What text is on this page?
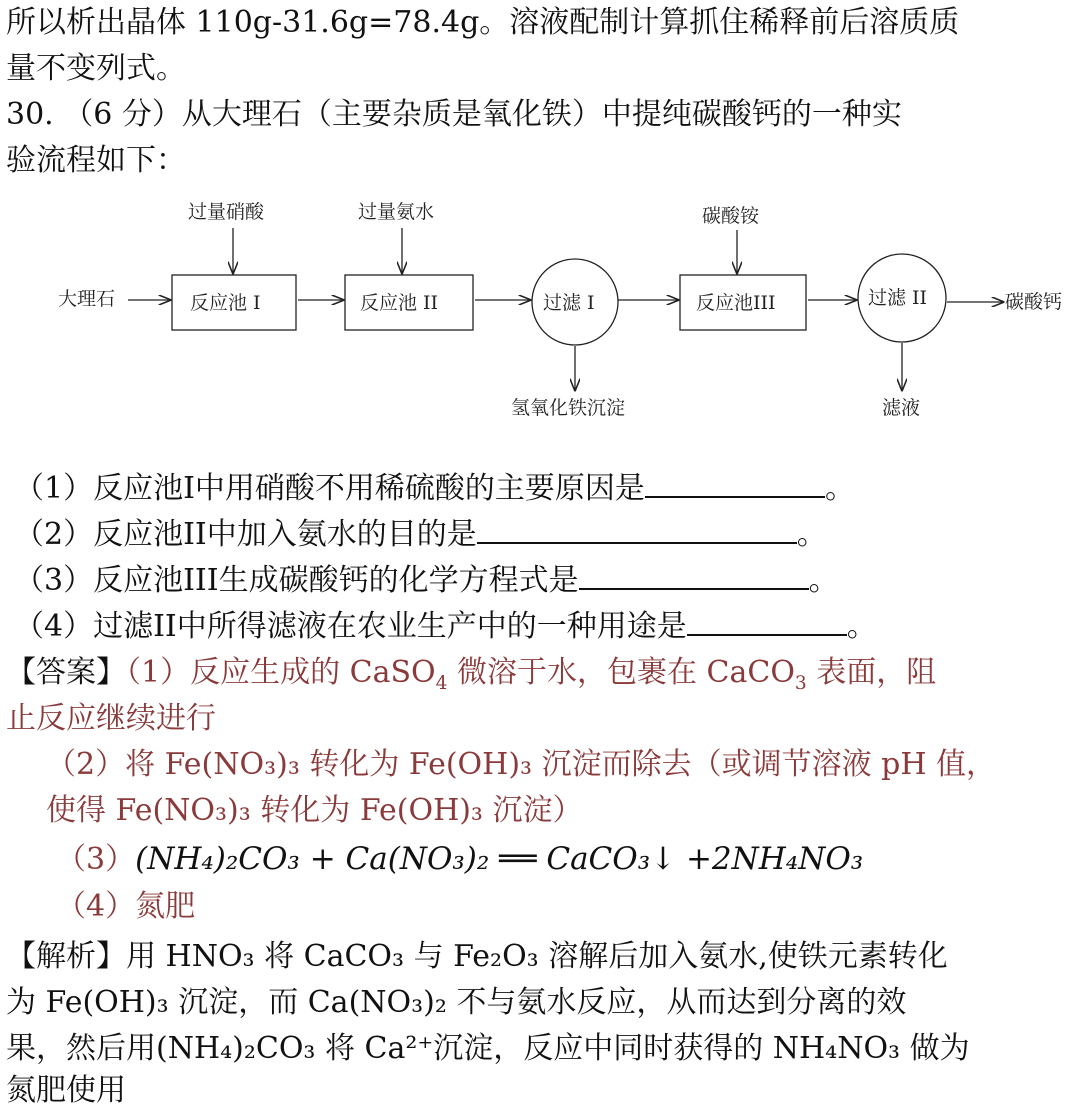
所以析出晶体 110g-31.6g=78.4g。溶液配制计算抓住稀释前后溶质质
量不变列式。
30. （6 分）从大理石（主要杂质是氧化铁）中提纯碳酸钙的一种实
验流程如下：
大理石
过量硝酸	过量氨水	碳酸铵
反应池 I	反应池 II	过滤 I	反应池III	过滤 II	碳酸钙
氢氧化铁沉淀	滤液
（1）反应池I中用硝酸不用稀硫酸的主要原因是	。
（2）反应池II中加入氨水的目的是	。
（3）反应池III生成碳酸钙的化学方程式是	。
（4）过滤II中所得滤液在农业生产中的一种用途是	。
【答案】（1）反应生成的 CaSO$_4$ 微溶于水，包裹在 CaCO$_3$ 表面，阻
止反应继续进行
（2）将 Fe(NO₃)₃ 转化为 Fe(OH)₃ 沉淀而除去（或调节溶液 pH 值，
使得 Fe(NO₃)₃ 转化为 Fe(OH)₃ 沉淀）
（3）(NH₄)₂CO₃ + Ca(NO₃)₂ ══ CaCO₃↓ +2NH₄NO₃
（4）氮肥
【解析】用 HNO₃ 将 CaCO₃ 与 Fe₂O₃ 溶解后加入氨水,使铁元素转化
为 Fe(OH)₃ 沉淀，而 Ca(NO₃)₂ 不与氨水反应，从而达到分离的效
果，然后用(NH₄)₂CO₃ 将 Ca²⁺沉淀，反应中同时获得的 NH₄NO₃ 做为
氮肥使用
